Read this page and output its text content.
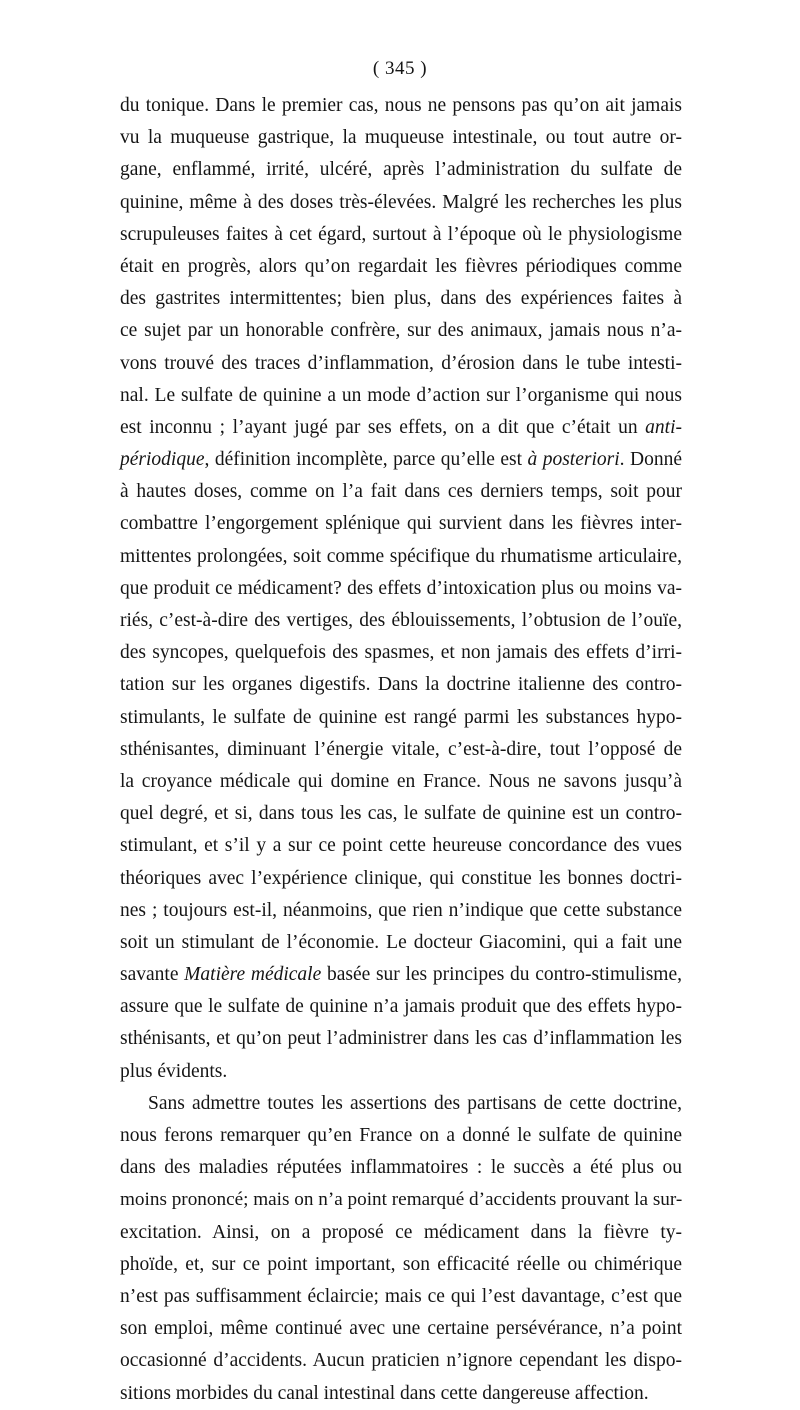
( 345 )
du tonique. Dans le premier cas, nous ne pensons pas qu’on ait jamais
vu la muqueuse gastrique, la muqueuse intestinale, ou tout autre or-
gane, enflammé, irrité, ulcéré, après l’administration du sulfate de
quinine, même à des doses très-élevées. Malgré les recherches les plus
scrupuleuses faites à cet égard, surtout à l’époque où le physiologisme
était en progrès, alors qu’on regardait les fièvres périodiques comme
des gastrites intermittentes; bien plus, dans des expériences faites à
ce sujet par un honorable confrère, sur des animaux, jamais nous n’a-
vons trouvé des traces d’inflammation, d’érosion dans le tube intesti-
nal. Le sulfate de quinine a un mode d’action sur l’organisme qui nous
est inconnu ; l’ayant jugé par ses effets, on a dit que c’était un anti-
périodique, définition incomplète, parce qu’elle est à posteriori. Donné
à hautes doses, comme on l’a fait dans ces derniers temps, soit pour
combattre l’engorgement splénique qui survient dans les fièvres inter-
mittentes prolongées, soit comme spécifique du rhumatisme articulaire,
que produit ce médicament? des effets d’intoxication plus ou moins va-
riés, c’est-à-dire des vertiges, des éblouissements, l’obtusion de l’ouïe,
des syncopes, quelquefois des spasmes, et non jamais des effets d’irri-
tation sur les organes digestifs. Dans la doctrine italienne des contro-
stimulants, le sulfate de quinine est rangé parmi les substances hypo-
sthénisantes, diminuant l’énergie vitale, c’est-à-dire, tout l’opposé de
la croyance médicale qui domine en France. Nous ne savons jusqu’à
quel degré, et si, dans tous les cas, le sulfate de quinine est un contro-
stimulant, et s’il y a sur ce point cette heureuse concordance des vues
théoriques avec l’expérience clinique, qui constitue les bonnes doctri-
nes ; toujours est-il, néanmoins, que rien n’indique que cette substance
soit un stimulant de l’économie. Le docteur Giacomini, qui a fait une
savante Matière médicale basée sur les principes du contro-stimulisme,
assure que le sulfate de quinine n’a jamais produit que des effets hypo-
sthénisants, et qu’on peut l’administrer dans les cas d’inflammation les
plus évidents.
Sans admettre toutes les assertions des partisans de cette doctrine,
nous ferons remarquer qu’en France on a donné le sulfate de quinine
dans des maladies réputées inflammatoires : le succès a été plus ou
moins prononcé; mais on n’a point remarqué d’accidents prouvant la sur-
excitation. Ainsi, on a proposé ce médicament dans la fièvre ty-
phoïde, et, sur ce point important, son efficacité réelle ou chimérique
n’est pas suffisamment éclaircie; mais ce qui l’est davantage, c’est que
son emploi, même continué avec une certaine persévérance, n’a point
occasionné d’accidents. Aucun praticien n’ignore cependant les dispo-
sitions morbides du canal intestinal dans cette dangereuse affection.
